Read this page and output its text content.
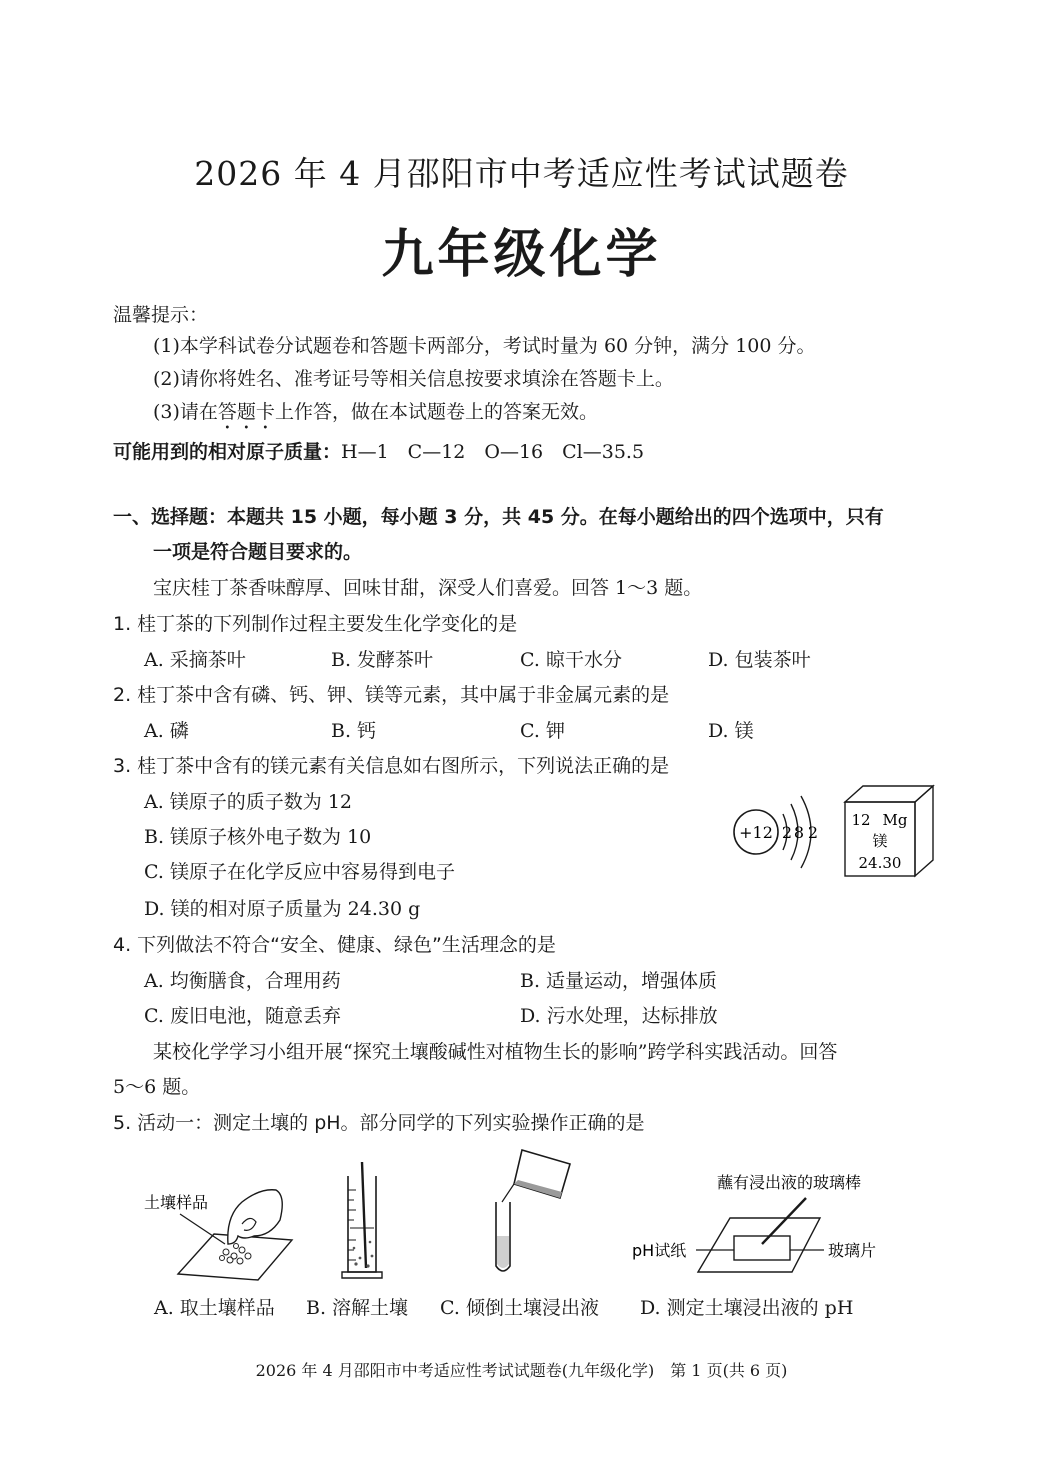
2026 年 4 月邵阳市中考适应性考试试题卷
九年级化学
温馨提示：
(1)本学科试卷分试题卷和答题卡两部分，考试时量为 60 分钟，满分 100 分。
(2)请你将姓名、准考证号等相关信息按要求填涂在答题卡上。
(3)请在答题卡上作答，做在本试题卷上的答案无效。
可能用到的相对原子质量：H—1　C—12　O—16　Cl—35.5
一、选择题：本题共 15 小题，每小题 3 分，共 45 分。在每小题给出的四个选项中，只有
一项是符合题目要求的。
宝庆桂丁茶香味醇厚、回味甘甜，深受人们喜爱。回答 1～3 题。
1. 桂丁茶的下列制作过程主要发生化学变化的是
A. 采摘茶叶	B. 发酵茶叶	C. 晾干水分	D. 包装茶叶
2. 桂丁茶中含有磷、钙、钾、镁等元素，其中属于非金属元素的是
A. 磷	B. 钙	C. 钾	D. 镁
3. 桂丁茶中含有的镁元素有关信息如右图所示，下列说法正确的是
A. 镁原子的质子数为 12
B. 镁原子核外电子数为 10
C. 镁原子在化学反应中容易得到电子
D. 镁的相对原子质量为 24.30 g
+12 2 8 2
12 Mg
镁
24.30
4. 下列做法不符合“安全、健康、绿色”生活理念的是
A. 均衡膳食，合理用药	B. 适量运动，增强体质
C. 废旧电池，随意丢弃	D. 污水处理，达标排放
某校化学学习小组开展“探究土壤酸碱性对植物生长的影响”跨学科实践活动。回答
5～6 题。
5. 活动一：测定土壤的 pH。部分同学的下列实验操作正确的是
土壤样品
蘸有浸出液的玻璃棒
pH试纸	玻璃片
A. 取土壤样品 B. 溶解土壤 C. 倾倒土壤浸出液 D. 测定土壤浸出液的 pH
2026 年 4 月邵阳市中考适应性考试试题卷(九年级化学)　第 1 页(共 6 页)
